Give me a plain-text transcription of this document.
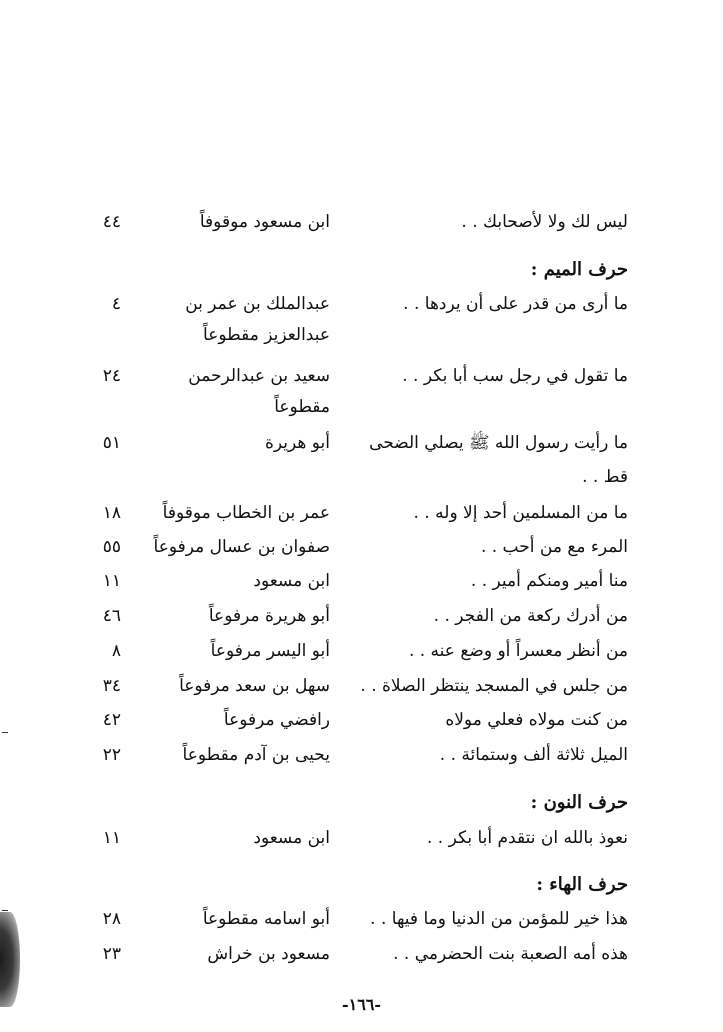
ليس لك ولا لأصحابك . .
ابن مسعود موقوفاً
٤٤
حرف الميم :
ما أرى من قدر على أن يردها . .
عبدالملك بن عمر بن
٤
عبدالعزيز مقطوعاً
ما تقول في رجل سب أبا بكر . .
سعيد بن عبدالرحمن
٢٤
مقطوعاً
ما رأيت رسول الله ﷺ يصلي الضحى
أبو هريرة
٥١
قط . .
ما من المسلمين أحد إلا وله . .
عمر بن الخطاب موقوفاً
١٨
المرء مع من أحب . .
صفوان بن عسال مرفوعاً
٥٥
منا أمير ومنكم أمير . .
ابن مسعود
١١
من أدرك ركعة من الفجر . .
أبو هريرة مرفوعاً
٤٦
من أنظر معسراً أو وضع عنه . .
أبو اليسر مرفوعاً
٨
من جلس في المسجد ينتظر الصلاة . .
سهل بن سعد مرفوعاً
٣٤
من كنت مولاه فعلي مولاه
رافضي مرفوعاً
٤٢
الميل ثلاثة ألف وستمائة . .
يحيى بن آدم مقطوعاً
٢٢
حرف النون :
نعوذ بالله ان نتقدم أبا بكر . .
ابن مسعود
١١
حرف الهاء :
هذا خير للمؤمن من الدنيا وما فيها . .
أبو اسامه مقطوعاً
٢٨
هذه أمه الصعبة بنت الحضرمي . .
مسعود بن خراش
٢٣
-١٦٦-
